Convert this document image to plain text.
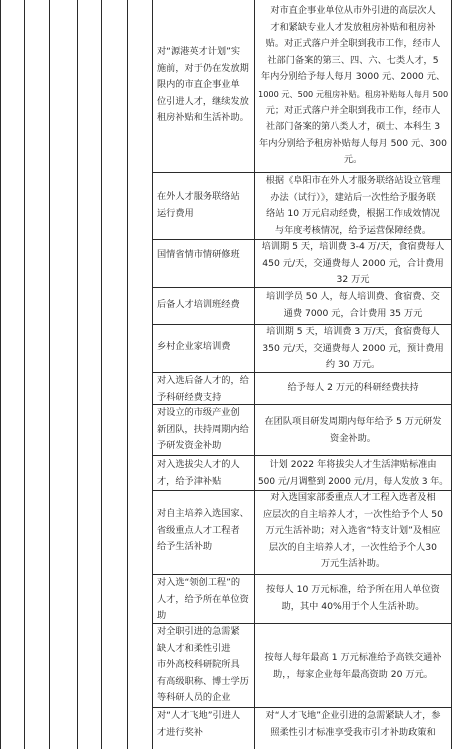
对“源港英才计划”实

施前，对于仍在发放期

限内的市直企事业单

位引进人才，继续发放

租房补贴和生活补助。

对市直企事业单位从市外引进的高层次人

才和紧缺专业人才发放租房补贴和租房补

贴。对正式落户并全职到我市工作，经市人

社部门备案的第三、四、六、七类人才，5

年内分别给予每人每月 3000 元、2000 元、

1000 元、500 元租房补贴。租房补贴每人每月 500

元；对正式落户并全职到我市工作，经市人

社部门备案的第八类人才，硕士、本科生 3

年内分别给予租房补贴每人每月 500 元、300

元。

在外人才服务联络站

运行费用

根据《阜阳市在外人才服务联络站设立管理

办法（试行）》，建站后一次性给予服务联

络站 10 万元启动经费，根据工作成效情况

与年度考核情况，给予运营保障经费。

国情省情市情研修班

培训期 5 天，培训费 3-4 万/天，食宿费每人

450 元/天，交通费每人 2000 元，合计费用

32 万元

后备人才培训班经费

培训学员 50 人，每人培训费、食宿费、交

通费 7000 元，合计费用 35 万元

乡村企业家培训费

培训期 5 天，培训费 3 万/天，食宿费每人

350 元/天，交通费每人 2000 元，预计费用

约 30 万元。

对入选后备人才的，给

予科研经费支持

给予每人 2 万元的科研经费扶持

对设立的市级产业创

新团队，扶持周期内给

予研发资金补助

在团队项目研发周期内每年给予 5 万元研发

资金补助。

对入选拔尖人才的人

才，给予津补贴

计划 2022 年将拔尖人才生活津贴标准由

500 元/月调整到 2000 元/月，每人发放 3 年。

对自主培养入选国家、

省级重点人才工程者

给予生活补助

对入选国家部委重点人才工程入选者及相

应层次的自主培养人才，一次性给予个人 50

万元生活补助；对入选省“特支计划”及相应

层次的自主培养人才，一次性给予个人30

万元生活补助。

对入选“领创工程”的

人才，给予所在单位资

助

按每人 10 万元标准，给予所在用人单位资

助，其中 40%用于个人生活补助。

对全职引进的急需紧

缺人才和柔性引进

市外高校科研院所具

有高级职称、博士学历

等科研人员的企业

按每人每年最高 1 万元标准给予高铁交通补

助，，每家企业每年最高资助 20 万元。

对“人才飞地”引进人

才进行奖补

对“人才飞地”企业引进的急需紧缺人才，参

照柔性引才标准享受我市引才补助政策和
